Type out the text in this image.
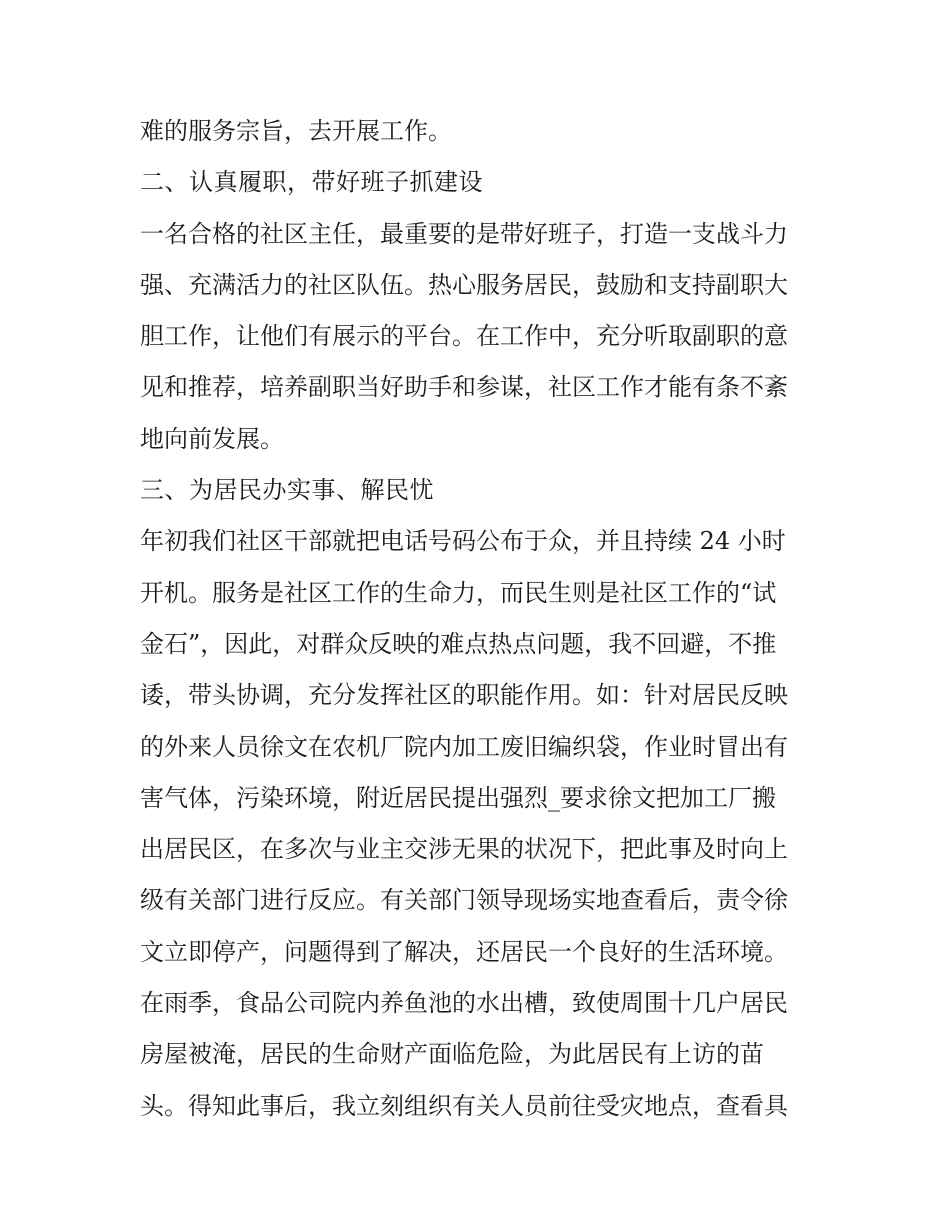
难的服务宗旨，去开展工作。
二、认真履职，带好班子抓建设
一名合格的社区主任，最重要的是带好班子，打造一支战斗力
强、充满活力的社区队伍。热心服务居民，鼓励和支持副职大
胆工作，让他们有展示的平台。在工作中，充分听取副职的意
见和推荐，培养副职当好助手和参谋，社区工作才能有条不紊
地向前发展。
三、为居民办实事、解民忧
年初我们社区干部就把电话号码公布于众，并且持续 24 小时
开机。服务是社区工作的生命力，而民生则是社区工作的“试
金石”，因此，对群众反映的难点热点问题，我不回避，不推
诿，带头协调，充分发挥社区的职能作用。如：针对居民反映
的外来人员徐文在农机厂院内加工废旧编织袋，作业时冒出有
害气体，污染环境，附近居民提出强烈_要求徐文把加工厂搬
出居民区，在多次与业主交涉无果的状况下，把此事及时向上
级有关部门进行反应。有关部门领导现场实地查看后，责令徐
文立即停产，问题得到了解决，还居民一个良好的生活环境。
在雨季，食品公司院内养鱼池的水出槽，致使周围十几户居民
房屋被淹，居民的生命财产面临危险，为此居民有上访的苗
头。得知此事后，我立刻组织有关人员前往受灾地点，查看具
